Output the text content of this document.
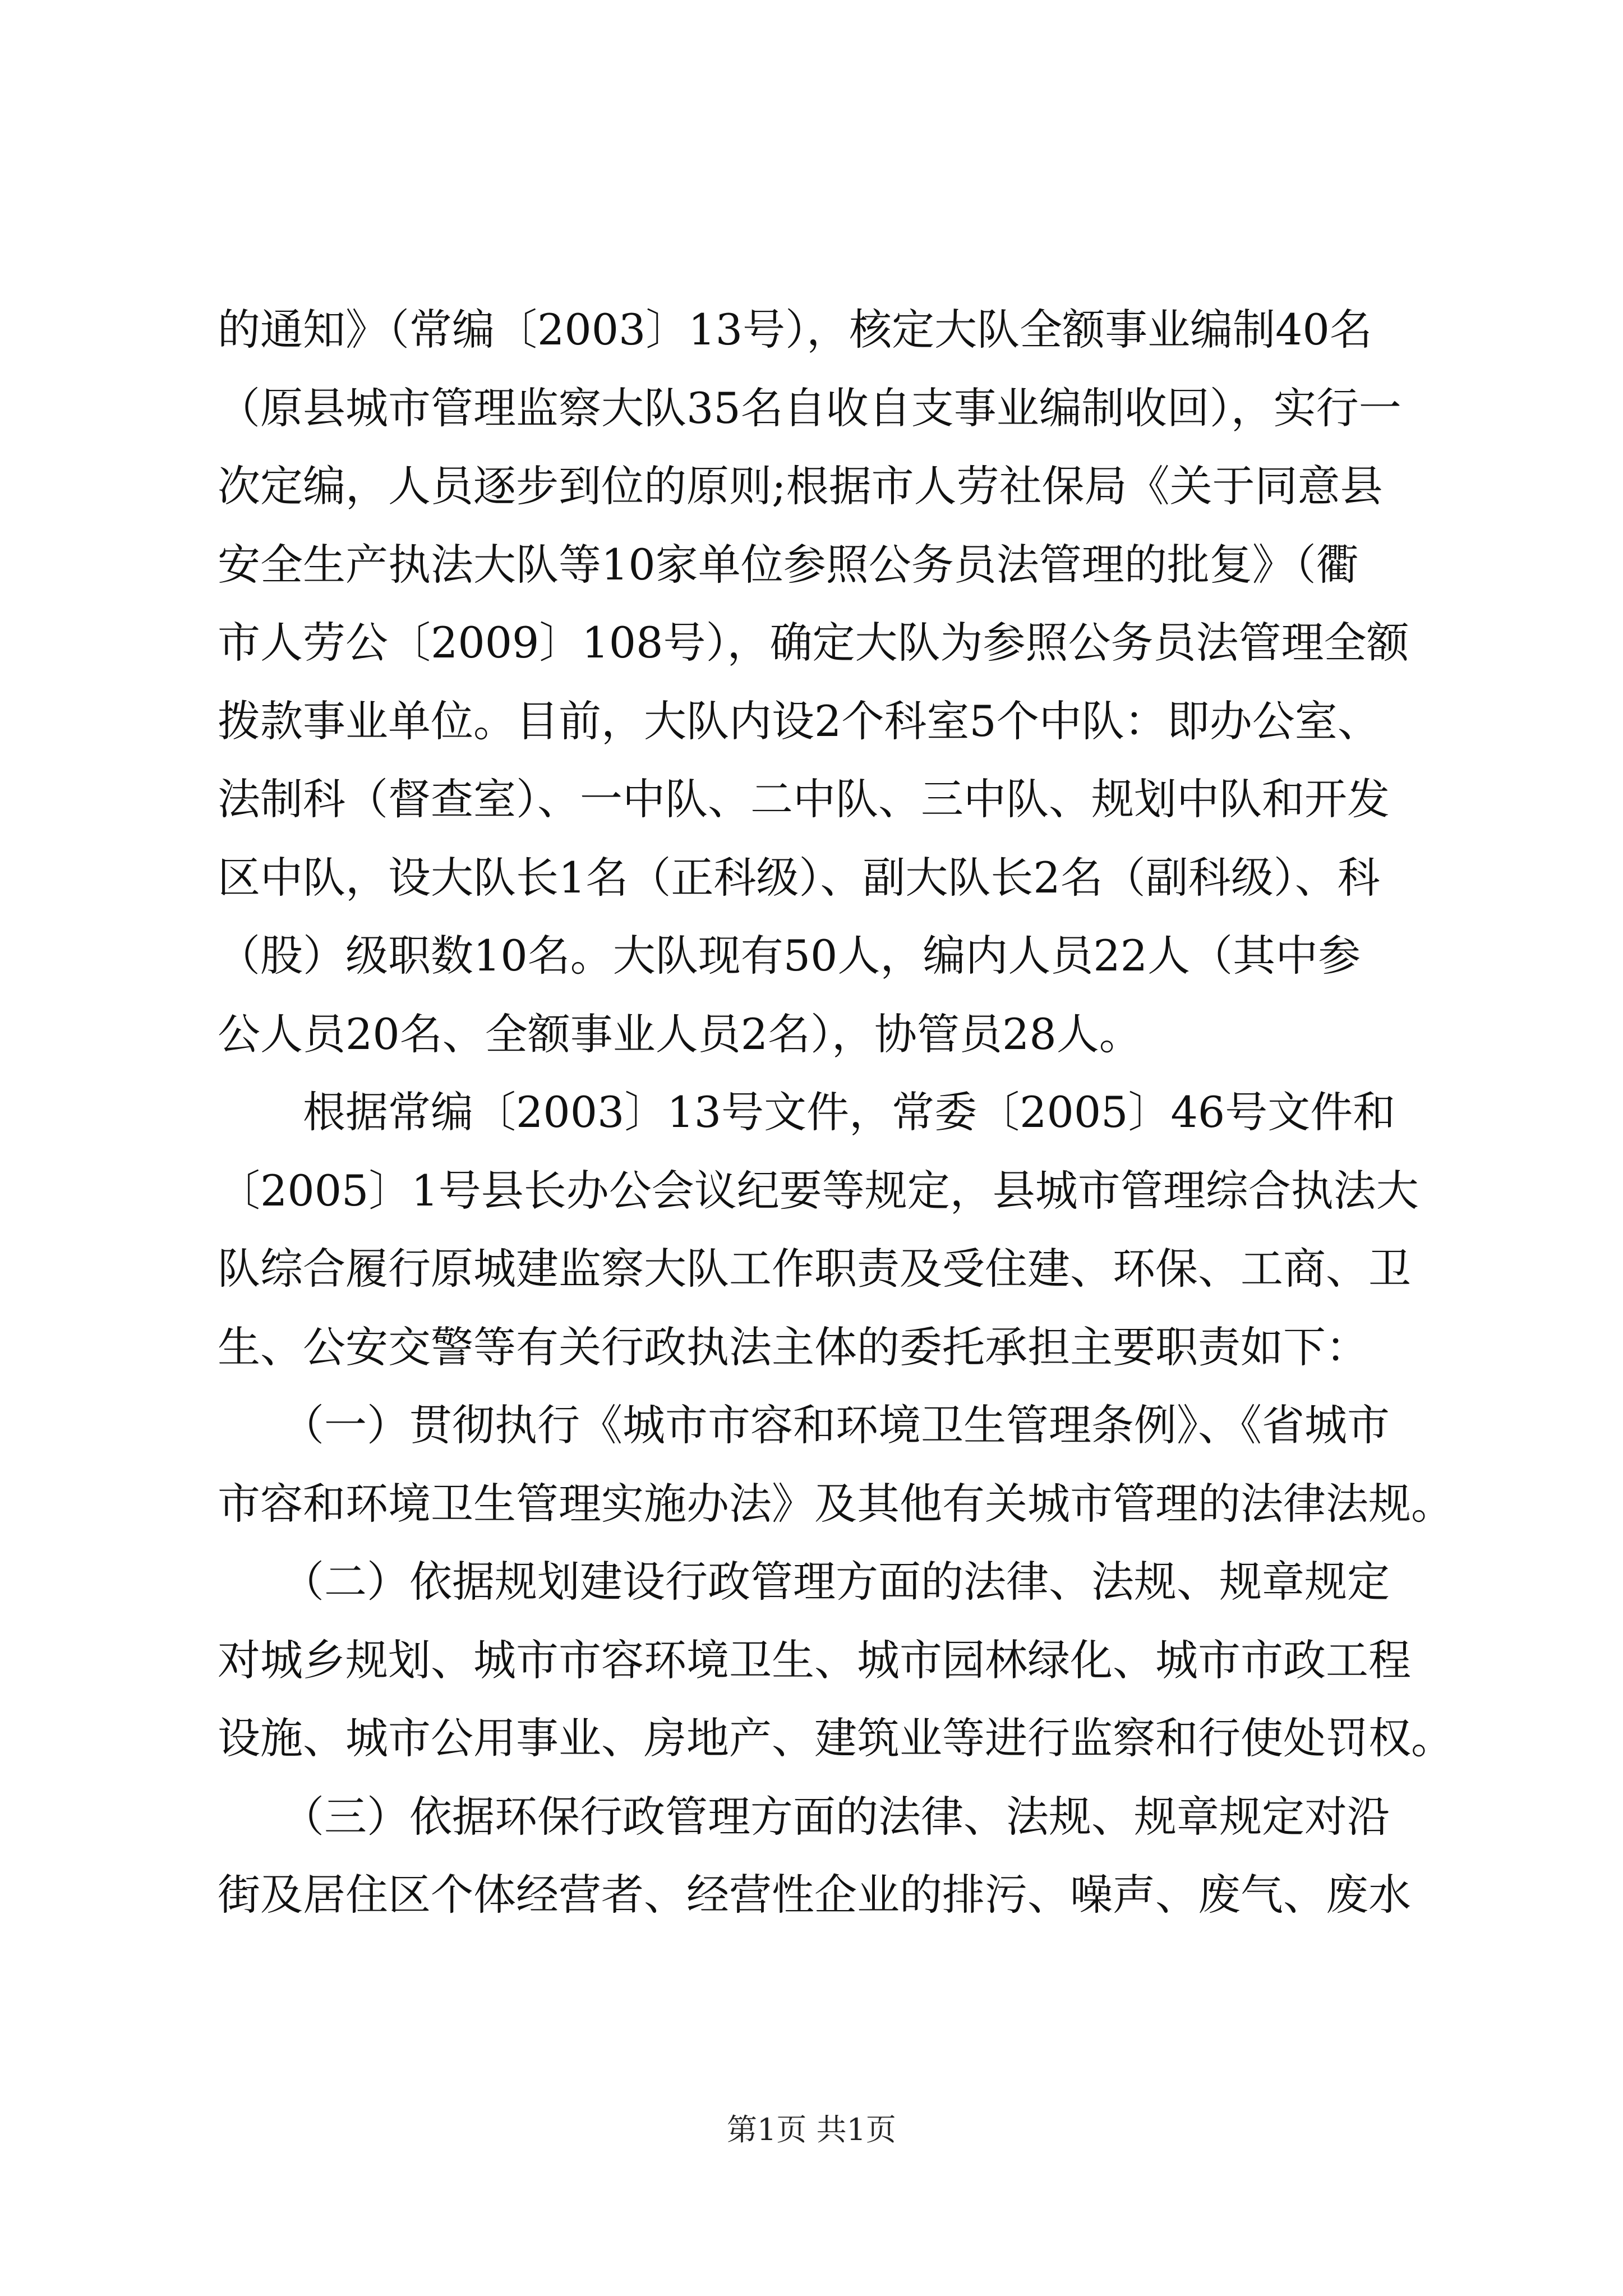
的通知》（常编〔2003〕13号），核定大队全额事业编制40名
（原县城市管理监察大队35名自收自支事业编制收回），实行一
次定编，人员逐步到位的原则;根据市人劳社保局《关于同意县
安全生产执法大队等10家单位参照公务员法管理的批复》（衢
市人劳公〔2009〕108号），确定大队为参照公务员法管理全额
拨款事业单位。目前，大队内设2个科室5个中队：即办公室、
法制科（督查室）、一中队、二中队、三中队、规划中队和开发
区中队，设大队长1名（正科级）、副大队长2名（副科级）、科
（股）级职数10名。大队现有50人，编内人员22人（其中参
公人员20名、全额事业人员2名），协管员28人。
　　根据常编〔2003〕13号文件，常委〔2005〕46号文件和
〔2005〕1号县长办公会议纪要等规定，县城市管理综合执法大
队综合履行原城建监察大队工作职责及受住建、环保、工商、卫
生、公安交警等有关行政执法主体的委托承担主要职责如下：
　　（一）贯彻执行《城市市容和环境卫生管理条例》、《省城市
市容和环境卫生管理实施办法》及其他有关城市管理的法律法规。
　　（二）依据规划建设行政管理方面的法律、法规、规章规定
对城乡规划、城市市容环境卫生、城市园林绿化、城市市政工程
设施、城市公用事业、房地产、建筑业等进行监察和行使处罚权。
　　（三）依据环保行政管理方面的法律、法规、规章规定对沿
街及居住区个体经营者、经营性企业的排污、噪声、废气、废水
第1页 共1页
